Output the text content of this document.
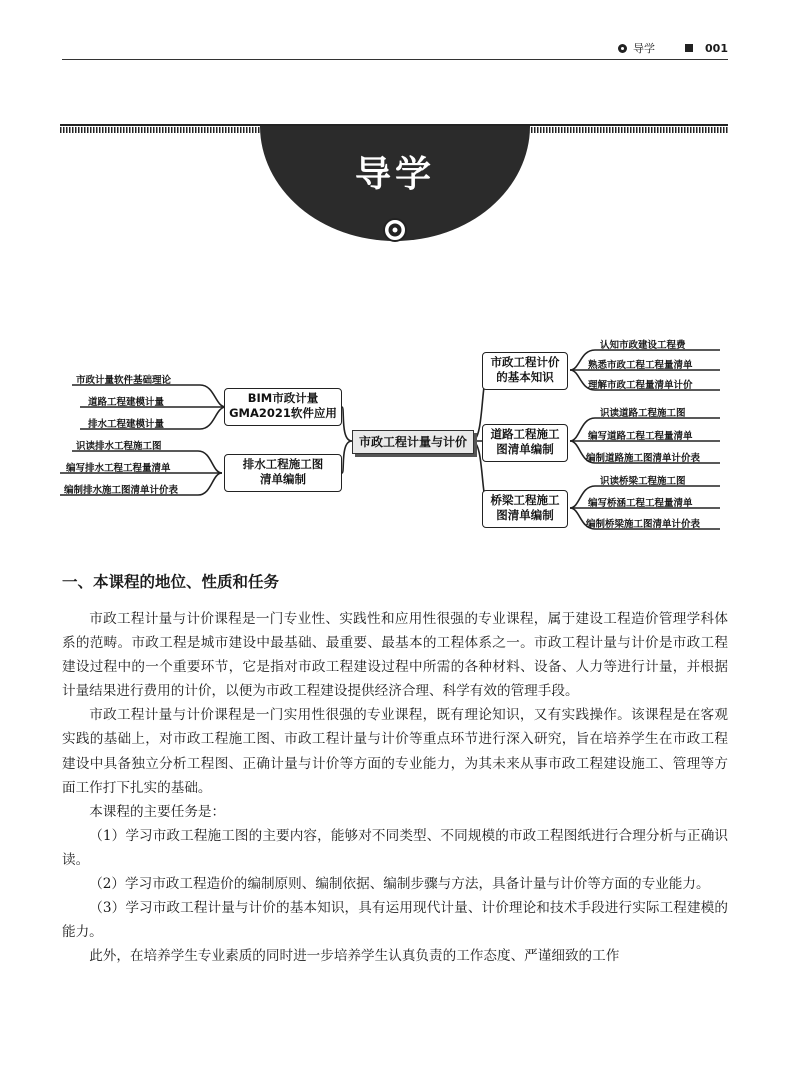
导学	001
导学
市政工程计量与计价
市政工程计价
的基本知识
道路工程施工
图清单编制
桥梁工程施工
图清单编制
BIM市政计量
GMA2021软件应用
排水工程施工图
清单编制
认知市政建设工程费
熟悉市政工程工程量清单
理解市政工程量清单计价
识读道路工程施工图
编写道路工程工程量清单
编制道路施工图清单计价表
识读桥梁工程施工图
编写桥涵工程工程量清单
编制桥梁施工图清单计价表
市政计量软件基础理论
道路工程建模计量
排水工程建模计量
识读排水工程施工图
编写排水工程工程量清单
编制排水施工图清单计价表
一、本课程的地位、性质和任务

市政工程计量与计价课程是一门专业性、实践性和应用性很强的专业课程，属于建设工程造价管理学科体系的范畴。市政工程是城市建设中最基础、最重要、最基本的工程体系之一。市政工程计量与计价是市政工程建设过程中的一个重要环节，它是指对市政工程建设过程中所需的各种材料、设备、人力等进行计量，并根据计量结果进行费用的计价，以便为市政工程建设提供经济合理、科学有效的管理手段。

市政工程计量与计价课程是一门实用性很强的专业课程，既有理论知识，又有实践操作。该课程是在客观实践的基础上，对市政工程施工图、市政工程计量与计价等重点环节进行深入研究，旨在培养学生在市政工程建设中具备独立分析工程图、正确计量与计价等方面的专业能力，为其未来从事市政工程建设施工、管理等方面工作打下扎实的基础。

本课程的主要任务是：

（1）学习市政工程施工图的主要内容，能够对不同类型、不同规模的市政工程图纸进行合理分析与正确识读。

（2）学习市政工程造价的编制原则、编制依据、编制步骤与方法，具备计量与计价等方面的专业能力。

（3）学习市政工程计量与计价的基本知识，具有运用现代计量、计价理论和技术手段进行实际工程建模的能力。

此外，在培养学生专业素质的同时进一步培养学生认真负责的工作态度、严谨细致的工作
